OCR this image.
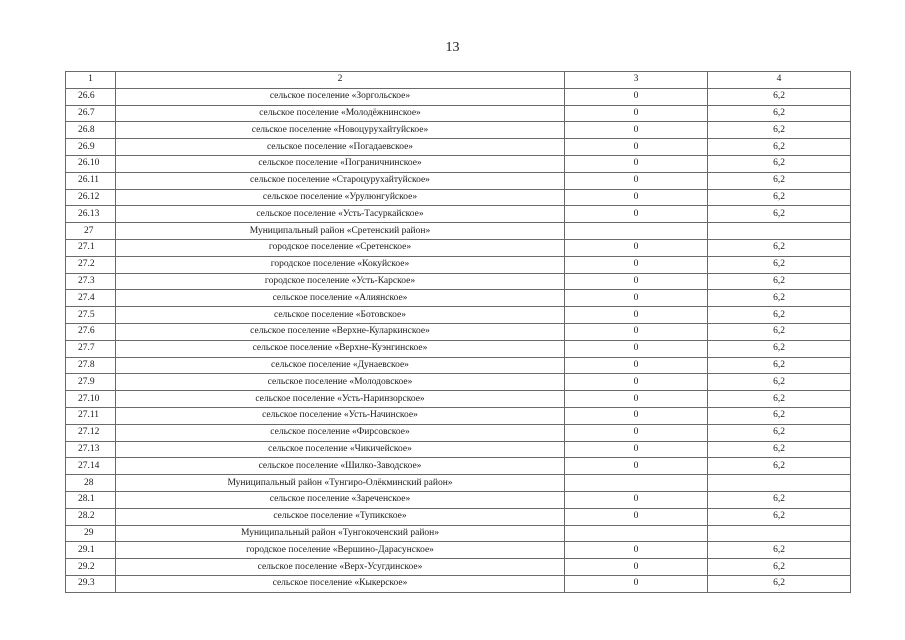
13
1	2	3	4
26.6	сельское поселение «Зоргольское»	0	6,2
26.7	сельское поселение «Молодёжнинское»	0	6,2
26.8	сельское поселение «Новоцурухайтуйское»	0	6,2
26.9	сельское поселение «Погадаевское»	0	6,2
26.10	сельское поселение «Пограничнинское»	0	6,2
26.11	сельское поселение «Староцурухайтуйское»	0	6,2
26.12	сельское поселение «Урулюнгуйское»	0	6,2
26.13	сельское поселение «Усть-Тасуркайское»	0	6,2
27	Муниципальный район «Сретенский район»		
27.1	городское поселение «Сретенское»	0	6,2
27.2	городское поселение «Кокуйское»	0	6,2
27.3	городское поселение «Усть-Карское»	0	6,2
27.4	сельское поселение «Алиянское»	0	6,2
27.5	сельское поселение «Ботовское»	0	6,2
27.6	сельское поселение «Верхне-Куларкинское»	0	6,2
27.7	сельское поселение «Верхне-Куэнгинское»	0	6,2
27.8	сельское поселение «Дунаевское»	0	6,2
27.9	сельское поселение «Молодовское»	0	6,2
27.10	сельское поселение «Усть-Наринзорское»	0	6,2
27.11	сельское поселение «Усть-Начинское»	0	6,2
27.12	сельское поселение «Фирсовское»	0	6,2
27.13	сельское поселение «Чикичейское»	0	6,2
27.14	сельское поселение «Шилко-Заводское»	0	6,2
28	Муниципальный район «Тунгиро-Олёкминский район»		
28.1	сельское поселение «Зареченское»	0	6,2
28.2	сельское поселение «Тупикское»	0	6,2
29	Муниципальный район «Тунгокоченский район»		
29.1	городское поселение «Вершино-Дарасунское»	0	6,2
29.2	сельское поселение «Верх-Усугдинское»	0	6,2
29.3	сельское поселение «Кыкерское»	0	6,2
